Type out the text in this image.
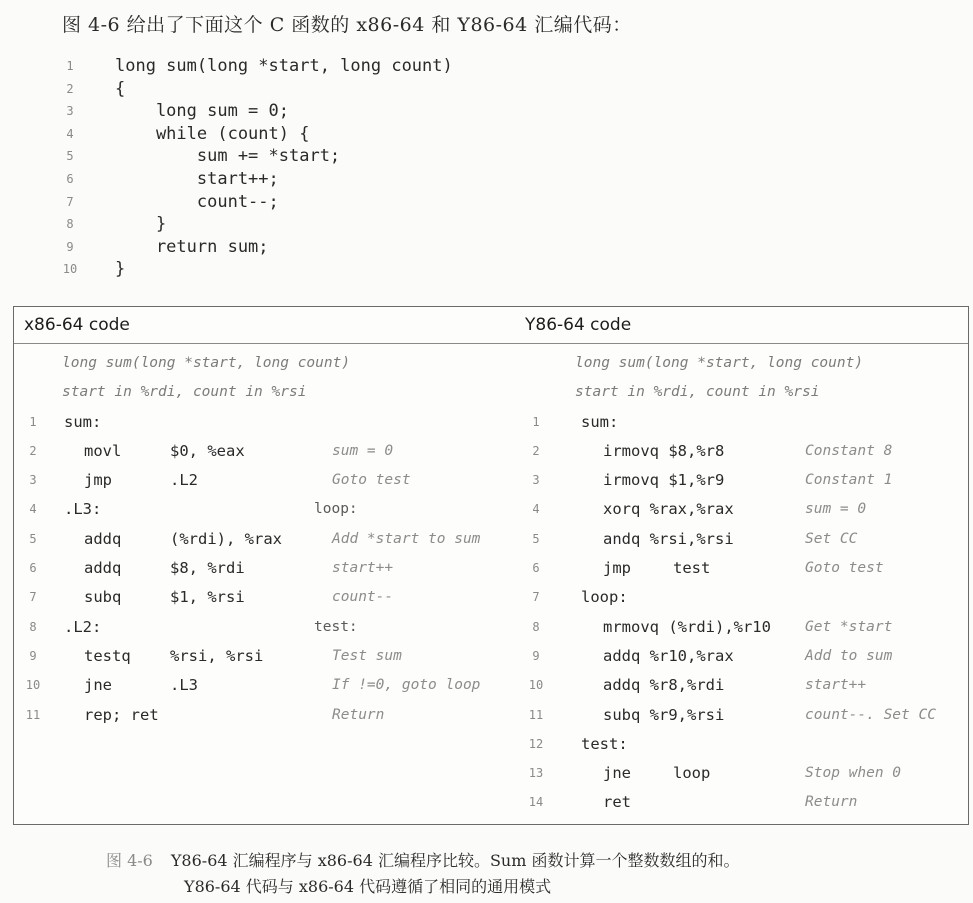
图 4-6 给出了下面这个 C 函数的 x86-64 和 Y86-64 汇编代码：
1	long sum(long *start, long count)
2	{
3	long sum = 0;
4	while (count) {
5	sum += *start;
6	start++;
7	count--;
8	}
9	return sum;
10	}
x86-64 code	Y86-64 code
long sum(long *start, long count)
start in %rdi, count in %rsi
1	sum:
2	movl	$0, %eax	sum = 0
3	jmp	.L2	Goto test
4	.L3:	loop:
5	addq	(%rdi), %rax	Add *start to sum
6	addq	$8, %rdi	start++
7	subq	$1, %rsi	count--
8	.L2:	test:
9	testq	%rsi, %rsi	Test sum
10	jne	.L3	If !=0, goto loop
11	rep; ret	Return
long sum(long *start, long count)
start in %rdi, count in %rsi
1	sum:
2	irmovq $8,%r8	Constant 8
3	irmovq $1,%r9	Constant 1
4	xorq %rax,%rax	sum = 0
5	andq %rsi,%rsi	Set CC
6	jmp	test	Goto test
7	loop:
8	mrmovq (%rdi),%r10 Get *start
9	addq %r10,%rax	Add to sum
10	addq %r8,%rdi	start++
11	subq %r9,%rsi	count--. Set CC
12	test:
13	jne	loop	Stop when 0
14	ret	Return
图 4-6 Y86-64 汇编程序与 x86-64 汇编程序比较。Sum 函数计算一个整数数组的和。
Y86-64 代码与 x86-64 代码遵循了相同的通用模式
